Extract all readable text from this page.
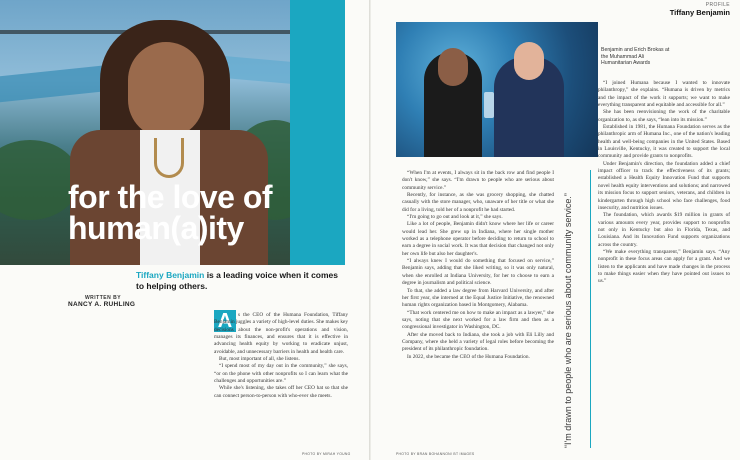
for the love of
human(a)ity
Tiffany Benjamin is a leading voice when it comes to helping others.
WRITTEN BY
NANCY A. RUHLING
A	s the CEO of the Humana Foundation, Tiffany Benjamin juggles a variety of high-level duties. She makes key decisions about the non-profit's operations and vision, manages its finances, and ensures that it is effective in advancing health equity by working to eradicate unjust, avoidable, and unnecessary barriers in health and health care.

But, most important of all, she listens.

“I spend most of my day out in the community,” she says, “or on the phone with other nonprofits so I can learn what the challenges and opportunities are.”

While she's listening, she takes off her CEO hat so that she can connect person-to-person with who-ever she meets.

PHOTO BY MIRAH YOUNG
PROFILE
Tiffany Benjamin
Benjamin and Erich Brokas at the Muhammad Ali Humanitarian Awards

“When I'm at events, I always sit in the back row and find people I don't know,” she says. “I'm drawn to people who are serious about community service.”

Recently, for instance, as she was grocery shopping, she chatted casually with the store manager, who, unaware of her title or what she did for a living, told her of a nonprofit he had started.

“I'm going to go out and look at it,” she says.

Like a lot of people, Benjamin didn't know where her life or career would lead her. She grew up in Indiana, where her single mother worked as a telephone operator before deciding to return to school to earn a degree in social work. It was that decision that changed not only her own life but also her daughter's.

“I always knew I would do something that focused on service,” Benjamin says, adding that she liked writing, so it was only natural, when she enrolled at Indiana University, for her to choose to earn a degree in journalism and political science.

To that, she added a law degree from Harvard University, and after her first year, she interned at the Equal Justice Initiative, the renowned human rights organization based in Montgomery, Alabama.

“That work centered me on how to make an impact as a lawyer,” she says, noting that she next worked for a law firm and then as a congressional investigator in Washington, DC.

After she moved back to Indiana, she took a job with Eli Lilly and Company, where she held a variety of legal roles before becoming the president of its philanthropic foundation.

In 2022, she became the CEO of the Humana Foundation.	“I'm drawn to people who are serious about community service.”

“I joined Humana because I wanted to innovate philanthropy,” she explains. “Humana is driven by metrics and the impact of the work it supports; we want to make everything transparent and equitable and accessible for all.”

She has been reenvisioning the work of the charitable organization to, as she says, “lean into its mission.”

Established in 1981, the Humana Foundation serves as the philanthropic arm of Humana Inc., one of the nation's leading health and well-being companies in the United States. Based in Louisville, Kentucky, it was created to support the local community and provide grants to nonprofits.

Under Benjamin's direction, the foundation added a chief impact officer to track the effectiveness of its grants; established a Health Equity Innovation Fund that supports novel health equity interventions and solutions; and narrowed its mission focus to support seniors, veterans, and children in kindergarten through high school who face challenges, food insecurity, and nutrition issues.

The foundation, which awards $19 million in grants of various amounts every year, provides support to nonprofits not only in Kentucky but also in Florida, Texas, and Louisiana. And its Innovation Fund supports organizations across the country.

“We make everything transparent,” Benjamin says. “Any nonprofit in these focus areas can apply for a grant. And we listen to the applicants and have made changes in the process to make things easier when they have pointed out issues to us.”

PHOTO BY BRAN BOHANNON/ BT IMAGES
